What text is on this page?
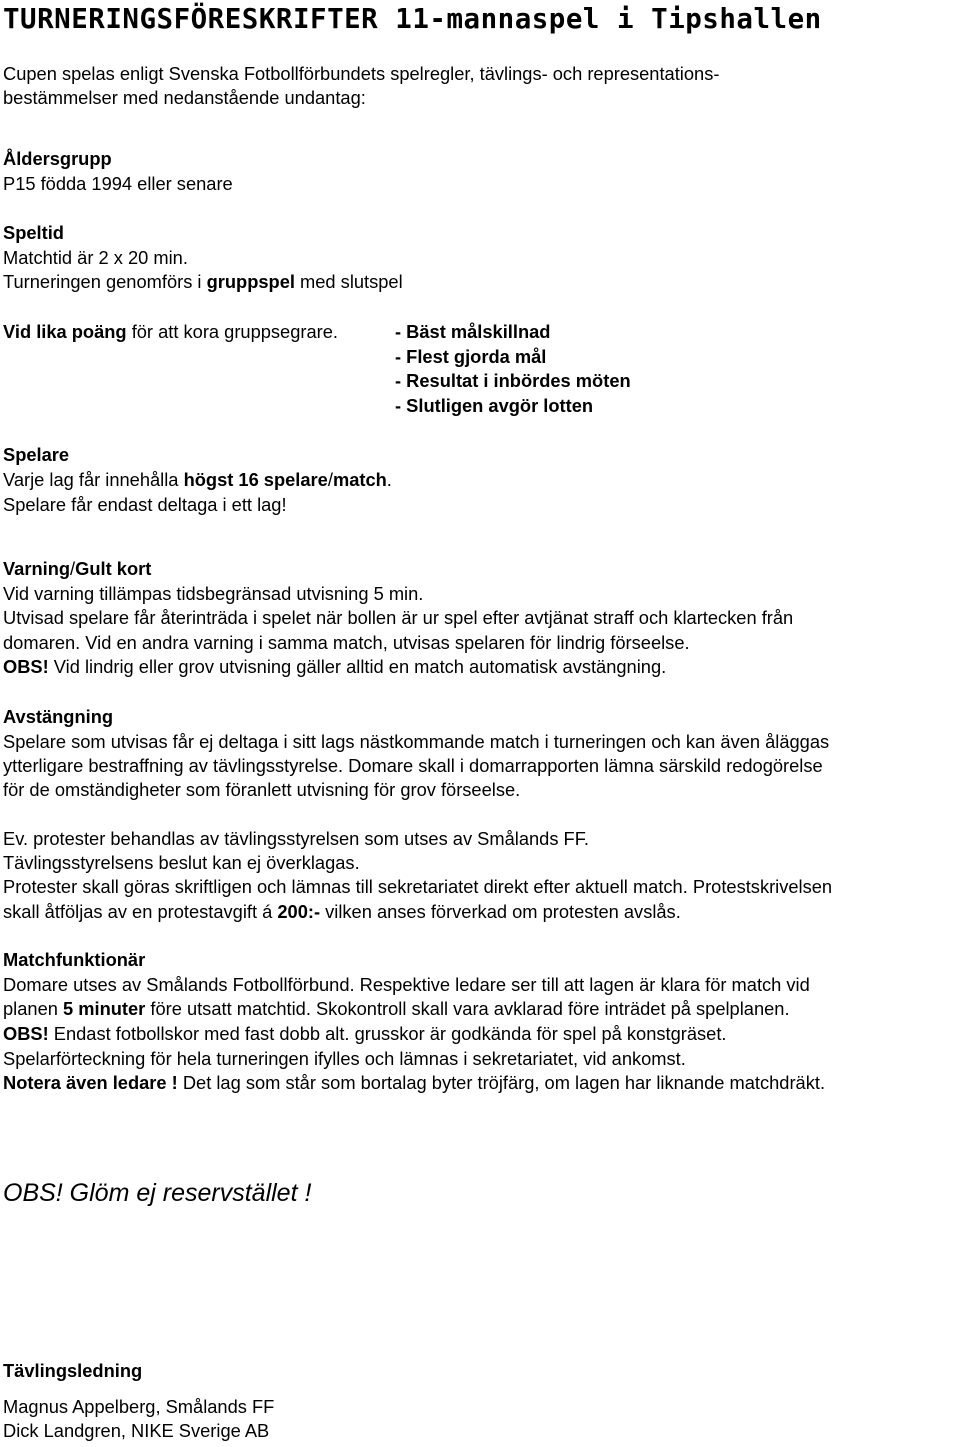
TURNERINGSFÖRESKRIFTER 11-mannaspel i Tipshallen
Cupen spelas enligt Svenska Fotbollförbundets spelregler, tävlings- och representations-
bestämmelser med nedanstående undantag:
Åldersgrupp
P15 födda 1994 eller senare
Speltid
Matchtid är 2 x 20 min.
Turneringen genomförs i gruppspel med slutspel
Vid lika poäng för att kora gruppsegrare.	- Bäst målskillnad
- Flest gjorda mål
- Resultat i inbördes möten
- Slutligen avgör lotten
Spelare
Varje lag får innehålla högst 16 spelare/match.
Spelare får endast deltaga i ett lag!
Varning/Gult kort
Vid varning tillämpas tidsbegränsad utvisning 5 min.
Utvisad spelare får återinträda i spelet när bollen är ur spel efter avtjänat straff och klartecken från
domaren. Vid en andra varning i samma match, utvisas spelaren för lindrig förseelse.
OBS! Vid lindrig eller grov utvisning gäller alltid en match automatisk avstängning.
Avstängning
Spelare som utvisas får ej deltaga i sitt lags nästkommande match i turneringen och kan även åläggas
ytterligare bestraffning av tävlingsstyrelse. Domare skall i domarrapporten lämna särskild redogörelse
för de omständigheter som föranlett utvisning för grov förseelse.
Ev. protester behandlas av tävlingsstyrelsen som utses av Smålands FF.
Tävlingsstyrelsens beslut kan ej överklagas.
Protester skall göras skriftligen och lämnas till sekretariatet direkt efter aktuell match. Protestskrivelsen
skall åtföljas av en protestavgift á 200:- vilken anses förverkad om protesten avslås.
Matchfunktionär
Domare utses av Smålands Fotbollförbund. Respektive ledare ser till att lagen är klara för match vid
planen 5 minuter före utsatt matchtid. Skokontroll skall vara avklarad före inträdet på spelplanen.
OBS! Endast fotbollskor med fast dobb alt. grusskor är godkända för spel på konstgräset.
Spelarförteckning för hela turneringen ifylles och lämnas i sekretariatet, vid ankomst.
Notera även ledare ! Det lag som står som bortalag byter tröjfärg, om lagen har liknande matchdräkt.
OBS! Glöm ej reservstället !
Tävlingsledning
Magnus Appelberg, Smålands FF
Dick Landgren, NIKE Sverige AB
